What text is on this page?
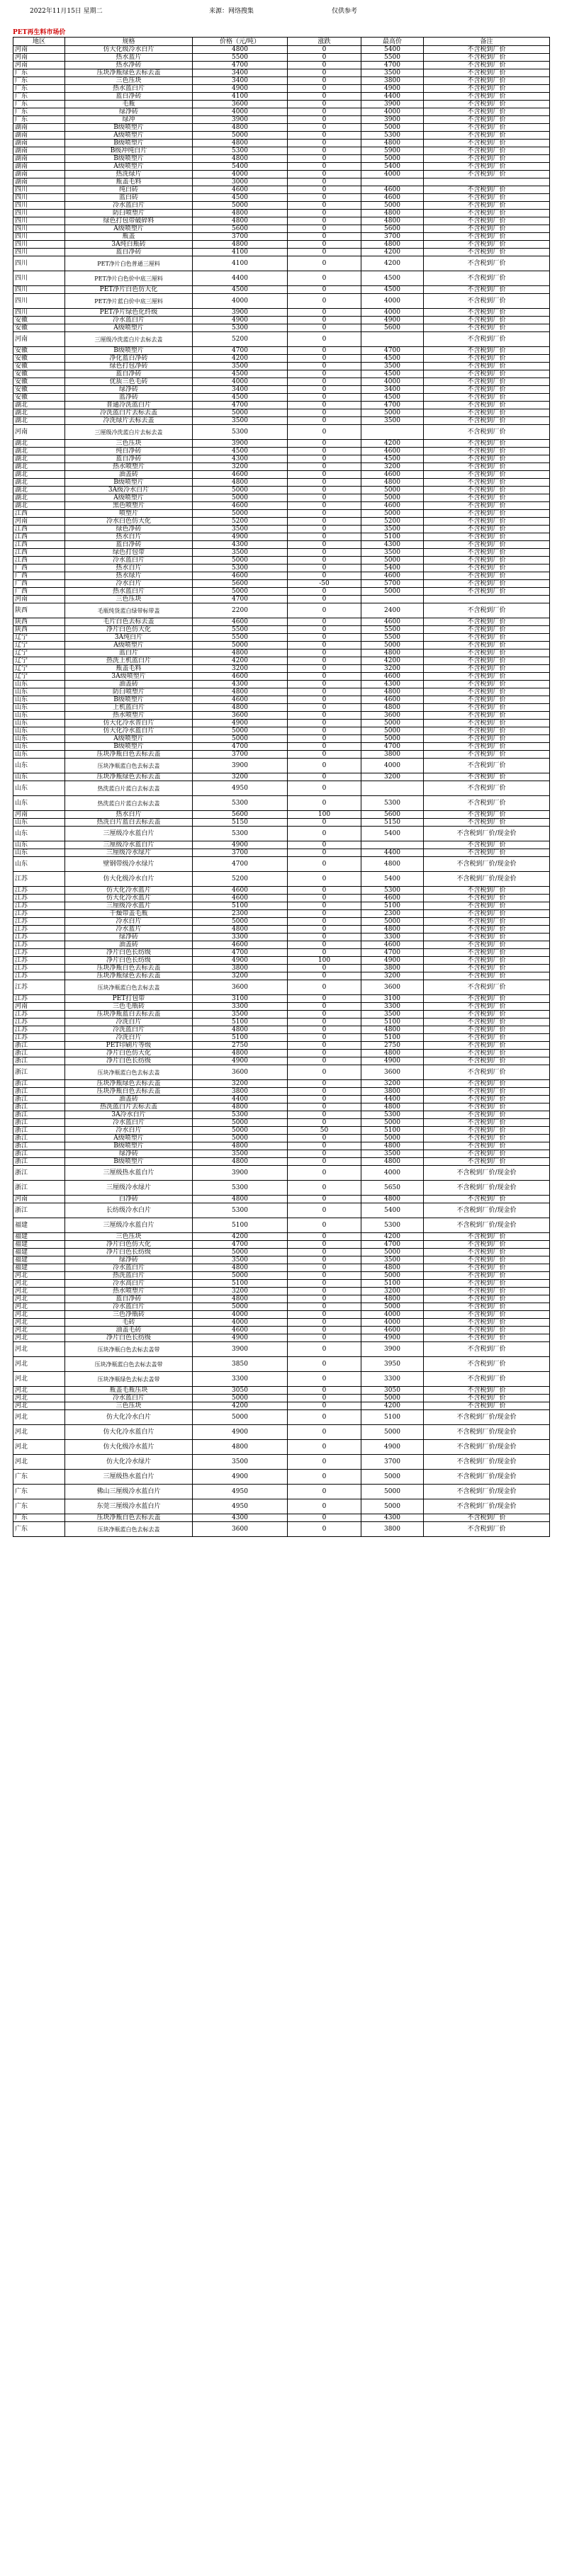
2022年11月15日 星期二	来源：网络搜集	仅供参考
PET再生料市场价
地区	规格	价格（元/吨）	涨跌	最高价	备注
河南	仿大化级冷水白片	4800	0	5400	不含税到厂价
河南	热水蓝片	5500	0	5500	不含税到厂价
河南	热水净砖	4700	0	4700	不含税到厂价
广东	压块净瓶绿色去标去盖	3400	0	3500	不含税到厂价
广东	三色压块	3400	0	3800	不含税到厂价
广东	热水蓝白片	4900	0	4900	不含税到厂价
广东	蓝白净砖	4100	0	4400	不含税到厂价
广东	毛瓶	3600	0	3900	不含税到厂价
广东	绿净砖	4000	0	4000	不含税到厂价
广东	绿冲	3900	0	3900	不含税到厂价
湖南	B级喷塑片	4800	0	5000	不含税到厂价
湖南	A级喷塑片	5000	0	5300	不含税到厂价
湖南	B级喷塑片	4800	0	4800	不含税到厂价
湖南	B级冲纯白片	5300	0	5900	不含税到厂价
湖南	B级喷塑片	4800	0	5000	不含税到厂价
湖南	A级喷塑片	5400	0	5400	不含税到厂价
湖南	热洗绿片	4000	0	4000	不含税到厂价
湖南	瓶盖毛料	3000	0		
四川	纯白砖	4600	0	4600	不含税到厂价
四川	蓝白砖	4500	0	4600	不含税到厂价
四川	冷水蓝白片	5000	0	5000	不含税到厂价
四川	防臼喷塑片	4800	0	4800	不含税到厂价
四川	绿色打包带破碎料	4800	0	4800	不含税到厂价
四川	A级喷塑片	5600	0	5600	不含税到厂价
四川	瓶盖	3700	0	3700	不含税到厂价
四川	3A纯白瓶砖	4800	0	4800	不含税到厂价
四川	蓝白净砖	4100	0	4200	不含税到厂价
四川	PET净片白色普通三厘料	4100	0	4200	不含税到厂价
四川	PET净片白色价中底三厘料	4400	0	4500	不含税到厂价
四川	PET净片白色仿大化	4500	0	4500	不含税到厂价
四川	PET净片蓝白价中底三厘料	4000	0	4000	不含税到厂价
四川	PET净片绿色化纤级	3900	0	4000	不含税到厂价
安徽	冷水蓝白片	4900	0	4900	不含税到厂价
安徽	A级喷塑片	5300	0	5600	不含税到厂价
河南	三厘级冷洗蓝白片去标去盖	5200	0		不含税到厂价
安徽	B级喷塑片	4700	0	4700	不含税到厂价
安徽	净化蓝白净砖	4200	0	4500	不含税到厂价
安徽	绿色打包净砖	3500	0	3500	不含税到厂价
安徽	蓝白净砖	4500	0	4500	不含税到厂价
安徽	优质三色毛砖	4000	0	4000	不含税到厂价
安徽	绿净砖	3400	0	3400	不含税到厂价
安徽	蓝净砖	4500	0	4500	不含税到厂价
湖北	普通冷洗蓝白片	4700	0	4700	不含税到厂价
湖北	冷洗蓝白片去标去盖	5000	0	5000	不含税到厂价
湖北	冷洗绿片去标去盖	3500	0	3500	不含税到厂价
河南	三厘级冷洗蓝白片去标去盖	5300	0		不含税到厂价
湖北	三色压块	3900	0	4200	不含税到厂价
湖北	纯白净砖	4500	0	4600	不含税到厂价
湖北	蓝白净砖	4300	0	4500	不含税到厂价
湖北	热水喷塑片	3200	0	3200	不含税到厂价
湖北	油盖砖	4600	0	4600	不含税到厂价
湖北	B级喷塑片	4800	0	4800	不含税到厂价
湖北	3A级冷水白片	5000	0	5000	不含税到厂价
湖北	A级喷塑片	5000	0	5000	不含税到厂价
湖北	黑色喷塑片	4600	0	4600	不含税到厂价
江西	喷塑片	5000	0	5000	不含税到厂价
河南	冷水白色仿大化	5200	0	5200	不含税到厂价
江西	绿色净砖	3500	0	3500	不含税到厂价
江西	热水白片	4900	0	5100	不含税到厂价
江西	蓝白净砖	4300	0	4300	不含税到厂价
江西	绿色打包带	3500	0	3500	不含税到厂价
江西	冷水蓝白片	5000	0	5000	不含税到厂价
广西	热水白片	5300	0	5400	不含税到厂价
广西	热水绿片	4600	0	4600	不含税到厂价
广西	冷水白片	5600	-50	5700	不含税到厂价
广西	热水蓝白片	5000	0	5000	不含税到厂价
河南	三色压块	4700	0		
陕西	毛瓶纯货蓝白绿带标带盖	2200	0	2400	不含税到厂价
陕西	毛片白色去标去盖	4600	0	4600	不含税到厂价
陕西	净片白色仿大化	5500	0	5500	不含税到厂价
辽宁	3A纯白片	5500	0	5500	不含税到厂价
辽宁	A级喷塑片	5000	0	5000	不含税到厂价
辽宁	蓝白片	4800	0	4800	不含税到厂价
辽宁	热洗上机蓝白片	4200	0	4200	不含税到厂价
辽宁	瓶盖毛料	3200	0	3200	不含税到厂价
辽宁	3A级喷塑片	4600	0	4600	不含税到厂价
山东	油盖砖	4300	0	4300	不含税到厂价
山东	防臼喷塑片	4800	0	4800	不含税到厂价
山东	B级喷塑片	4600	0	4600	不含税到厂价
山东	上机蓝白片	4800	0	4800	不含税到厂价
山东	热水喷塑片	3600	0	3600	不含税到厂价
山东	仿大化冷水普白片	4900	0	5000	不含税到厂价
山东	仿大化冷水蓝白片	5000	0	5000	不含税到厂价
山东	A级喷塑片	5000	0	5000	不含税到厂价
山东	B级喷塑片	4700	0	4700	不含税到厂价
山东	压块净瓶白色去标去盖	3700	0	3800	不含税到厂价
山东	压块净瓶蓝白色去标去盖	3900	0	4000	不含税到厂价
山东	压块净瓶绿色去标去盖	3200	0	3200	不含税到厂价
山东	热洗蓝白片蓝白去标去盖	4950	0		不含税到厂价
山东	热洗蓝白片蓝白去标去盖	5300	0	5300	不含税到厂价
河南	热水白片	5600	100	5600	不含税到厂价
山东	热洗白片蓝白去标去盖	5150	0	5150	不含税到厂价
山东	三厘级冷水蓝白片	5300	0	5400	不含税到厂价/现金价
山东	三厘级冷水蓝白片	4900	0		不含税到厂价
山东	三厘级冷水绿片	3700	0	4400	不含税到厂价
山东	壁钢带级冷水绿片	4700	0	4800	不含税到厂价/现金价
江苏	仿大化级冷水白片	5200	0	5400	不含税到厂价/现金价
江苏	仿大化冷水蓝片	4600	0	5300	不含税到厂价
江苏	仿大化冷水蓝片	4600	0	4600	不含税到厂价
江苏	三厘级冷水蓝片	5100	0	5100	不含税到厂价
江苏	干燥带盖毛瓶	2300	0	2300	不含税到厂价
江苏	冷水白片	5000	0	5000	不含税到厂价
江苏	冷水蓝片	4800	0	4800	不含税到厂价
江苏	绿净砖	3300	0	3300	不含税到厂价
江苏	油盖砖	4600	0	4600	不含税到厂价
江苏	净片白色长纺级	4700	0	4700	不含税到厂价
江苏	净片白色长纺级	4900	100	4900	不含税到厂价
江苏	压块净瓶白色去标去盖	3800	0	3800	不含税到厂价
江苏	压块净瓶绿色去标去盖	3200	0	3200	不含税到厂价
江苏	压块净瓶蓝白色去标去盖	3600	0	3600	不含税到厂价
江苏	PET打包带	3100	0	3100	不含税到厂价
河南	三色毛瓶砖	3300	0	3300	不含税到厂价
江苏	压块净瓶蓝白去标去盖	3500	0	3500	不含税到厂价
江苏	冷洗白片	5100	0	5100	不含税到厂价
江苏	冷洗蓝白片	4800	0	4800	不含税到厂价
江苏	冷洗白片	5100	0	5100	不含税到厂价
浙江	PET印刷片等级	2750	0	2750	不含税到厂价
浙江	净片白色仿大化	4800	0	4800	不含税到厂价
浙江	净片白色长纺级	4900	0	4900	不含税到厂价
浙江	压块净瓶蓝白色去标去盖	3600	0	3600	不含税到厂价
浙江	压块净瓶绿色去标去盖	3200	0	3200	不含税到厂价
浙江	压块净瓶白色去标去盖	3800	0	3800	不含税到厂价
浙江	油盖砖	4400	0	4400	不含税到厂价
浙江	热洗蓝白片去标去盖	4800	0	4800	不含税到厂价
浙江	3A冷水白片	5300	0	5300	不含税到厂价
浙江	冷水蓝白片	5000	0	5000	不含税到厂价
浙江	冷水白片	5000	50	5100	不含税到厂价
浙江	A级喷塑片	5000	0	5000	不含税到厂价
浙江	B级喷塑片	4800	0	4800	不含税到厂价
浙江	绿净砖	3500	0	3500	不含税到厂价
浙江	B级喷塑片	4800	0	4800	不含税到厂价
浙江	三厘级热水蓝白片	3900	0	4000	不含税到厂价/现金价
浙江	三厘级冷水绿片	5300	0	5650	不含税到厂价/现金价
河南	白净砖	4800	0	4800	不含税到厂价
浙江	长纺级冷水白片	5300	0	5400	不含税到厂价/现金价
福建	三厘级冷水蓝白片	5100	0	5300	不含税到厂价/现金价
福建	三色压块	4200	0	4200	不含税到厂价
福建	净片白色仿大化	4700	0	4700	不含税到厂价
福建	净片白色长纺级	5000	0	5000	不含税到厂价
福建	绿净砖	3500	0	3500	不含税到厂价
福建	冷水蓝白片	4800	0	4800	不含税到厂价
河北	热洗蓝白片	5000	0	5000	不含税到厂价
河北	冷水高白片	5100	0	5100	不含税到厂价
河北	热水喷塑片	3200	0	3200	不含税到厂价
河北	蓝白净砖	4800	0	4800	不含税到厂价
河北	冷水蓝白片	5000	0	5000	不含税到厂价
河北	三色净瓶砖	4000	0	4000	不含税到厂价
河北	毛砖	4000	0	4000	不含税到厂价
河北	油盖毛砖	4600	0	4600	不含税到厂价
河北	净片白色长纺级	4900	0	4900	不含税到厂价
河北	压块净瓶白色去标去盖带	3900	0	3900	不含税到厂价
河北	压块净瓶蓝白色去标去盖带	3850	0	3950	不含税到厂价
河北	压块净瓶绿色去标去盖带	3300	0	3300	不含税到厂价
河北	瓶盖毛瓶压块	3050	0	3050	不含税到厂价
河北	冷水蓝白片	5000	0	5000	不含税到厂价
河北	三色压块	4200	0	4200	不含税到厂价
河北	仿大化冷水白片	5000	0	5100	不含税到厂价/现金价
河北	仿大化冷水蓝白片	4900	0	5000	不含税到厂价/现金价
河北	仿大化级冷水蓝片	4800	0	4900	不含税到厂价/现金价
河北	仿大化冷水绿片	3500	0	3700	不含税到厂价/现金价
广东	三厘级热水蓝白片	4900	0	5000	不含税到厂价/现金价
广东	佛山三厘级冷水蓝白片	4950	0	5000	不含税到厂价/现金价
广东	东莞三厘级冷水蓝白片	4950	0	5000	不含税到厂价/现金价
广东	压块净瓶白色去标去盖	4300	0	4300	不含税到厂价
广东	压块净瓶蓝白色去标去盖	3600	0	3800	不含税到厂价
